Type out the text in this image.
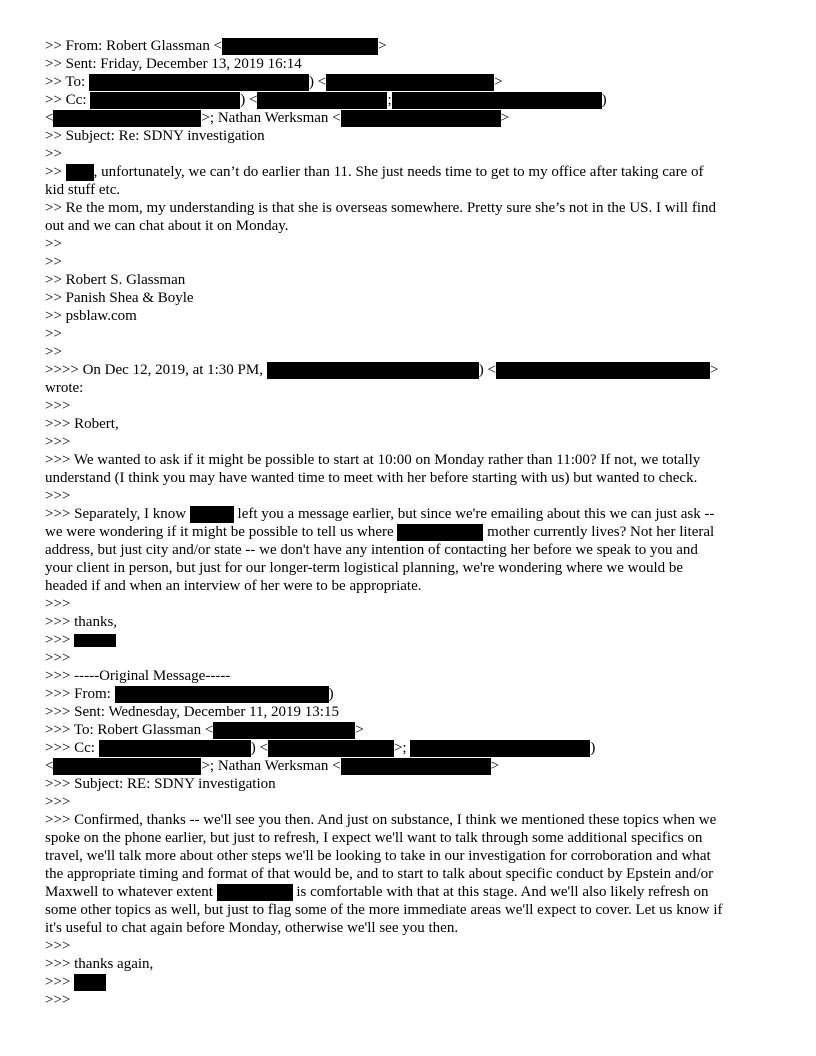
>> From: Robert Glassman <	>
>> Sent: Friday, December 13, 2019 16:14
>> To:	) <	>
>> Cc:	) <	;	)
<	>; Nathan Werksman <	>
>> Subject: Re: SDNY investigation
>>
>> , unfortunately, we can’t do earlier than 11. She just needs time to get to my office after taking care of
kid stuff etc.
>> Re the mom, my understanding is that she is overseas somewhere. Pretty sure she’s not in the US. I will find
out and we can chat about it on Monday.
>>
>>
>> Robert S. Glassman
>> Panish Shea & Boyle
>> psblaw.com
>>
>>
>>>> On Dec 12, 2019, at 1:30 PM,	) <	>
wrote:
>>>
>>> Robert,
>>>
>>> We wanted to ask if it might be possible to start at 10:00 on Monday rather than 11:00? If not, we totally
understand (I think you may have wanted time to meet with her before starting with us) but wanted to check.
>>>
>>> Separately, I know	left you a message earlier, but since we're emailing about this we can just ask --
we were wondering if it might be possible to tell us where	mother currently lives? Not her literal
address, but just city and/or state -- we don't have any intention of contacting her before we speak to you and
your client in person, but just for our longer-term logistical planning, we're wondering where we would be
headed if and when an interview of her were to be appropriate.
>>>
>>> thanks,
>>>
>>>
>>> -----Original Message-----
>>> From:	)
>>> Sent: Wednesday, December 11, 2019 13:15
>>> To: Robert Glassman <	>
>>> Cc:	) <	>;	)
<	>; Nathan Werksman <	>
>>> Subject: RE: SDNY investigation
>>>
>>> Confirmed, thanks -- we'll see you then. And just on substance, I think we mentioned these topics when we
spoke on the phone earlier, but just to refresh, I expect we'll want to talk through some additional specifics on
travel, we'll talk more about other steps we'll be looking to take in our investigation for corroboration and what
the appropriate timing and format of that would be, and to start to talk about specific conduct by Epstein and/or
Maxwell to whatever extent	is comfortable with that at this stage. And we'll also likely refresh on
some other topics as well, but just to flag some of the more immediate areas we'll expect to cover. Let us know if
it's useful to chat again before Monday, otherwise we'll see you then.
>>>
>>> thanks again,
>>>
>>>
